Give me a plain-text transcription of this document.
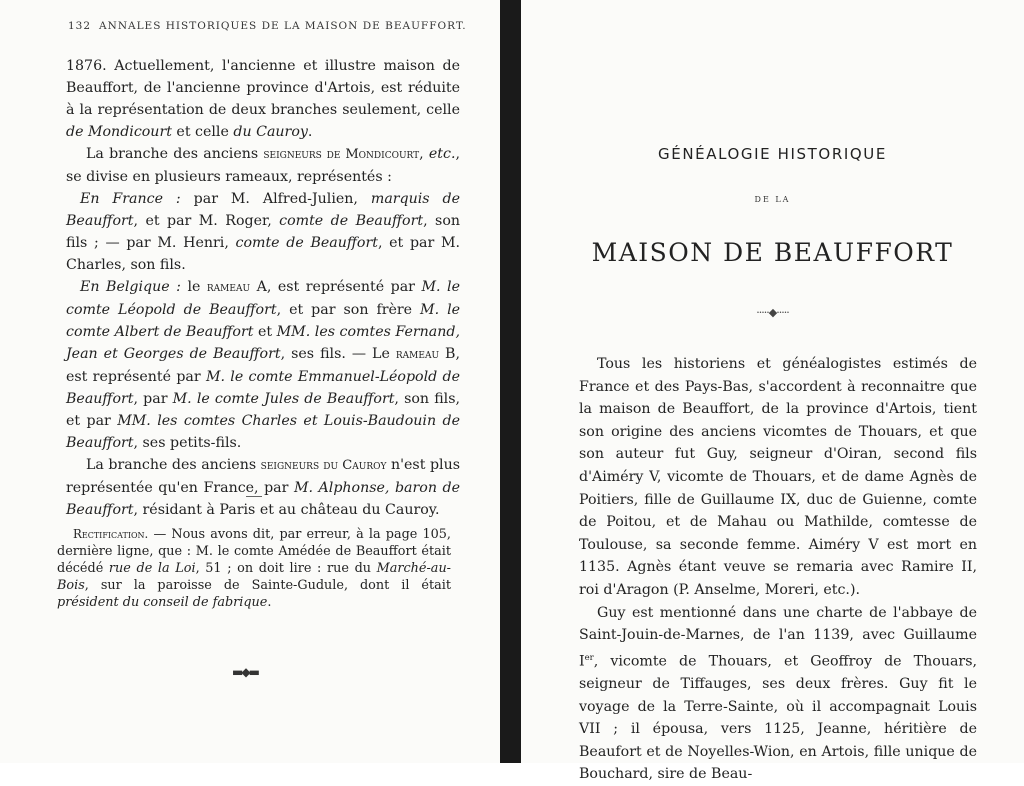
132 ANNALES HISTORIQUES DE LA MAISON DE BEAUFFORT.

1876. Actuellement, l'ancienne et illustre maison de Beauffort, de l'ancienne province d'Artois, est réduite à la représentation de deux branches seulement, celle de Mondicourt et celle du Cauroy.

La branche des anciens seigneurs de Mondicourt, etc., se divise en plusieurs rameaux, représentés :

En France : par M. Alfred-Julien, marquis de Beauffort, et par M. Roger, comte de Beauffort, son fils ; — par M. Henri, comte de Beauffort, et par M. Charles, son fils.

En Belgique : le rameau A, est représenté par M. le comte Léopold de Beauffort, et par son frère M. le comte Albert de Beauffort et MM. les comtes Fernand, Jean et Georges de Beauffort, ses fils. — Le rameau B, est représenté par M. le comte Emmanuel-Léopold de Beauffort, par M. le comte Jules de Beauffort, son fils, et par MM. les comtes Charles et Louis-Baudouin de Beauffort, ses petits-fils.

La branche des anciens seigneurs du Cauroy n'est plus représentée qu'en France, par M. Alphonse, baron de Beauffort, résidant à Paris et au château du Cauroy.

Rectification. — Nous avons dit, par erreur, à la page 105, dernière ligne, que : M. le comte Amédée de Beauffort était décédé rue de la Loi, 51 ; on doit lire : rue du Marché-au-Bois, sur la paroisse de Sainte-Gudule, dont il était président du conseil de fabrique.

▬◆▬
GÉNÉALOGIE HISTORIQUE
DE LA
MAISON DE BEAUFFORT
·····◆·····

Tous les historiens et généalogistes estimés de France et des Pays-Bas, s'accordent à reconnaitre que la maison de Beauffort, de la province d'Artois, tient son origine des anciens vicomtes de Thouars, et que son auteur fut Guy, seigneur d'Oiran, second fils d'Aiméry V, vicomte de Thouars, et de dame Agnès de Poitiers, fille de Guillaume IX, duc de Guienne, comte de Poitou, et de Mahau ou Mathilde, comtesse de Toulouse, sa seconde femme. Aiméry V est mort en 1135. Agnès étant veuve se remaria avec Ramire II, roi d'Aragon (P. Anselme, Moreri, etc.).

Guy est mentionné dans une charte de l'abbaye de Saint-Jouin-de-Marnes, de l'an 1139, avec Guillaume Ier, vicomte de Thouars, et Geoffroy de Thouars, seigneur de Tiffauges, ses deux frères. Guy fit le voyage de la Terre-Sainte, où il accompagnait Louis VII ; il épousa, vers 1125, Jeanne, héritière de Beaufort et de Noyelles-Wion, en Artois, fille unique de Bouchard, sire de Beau-
